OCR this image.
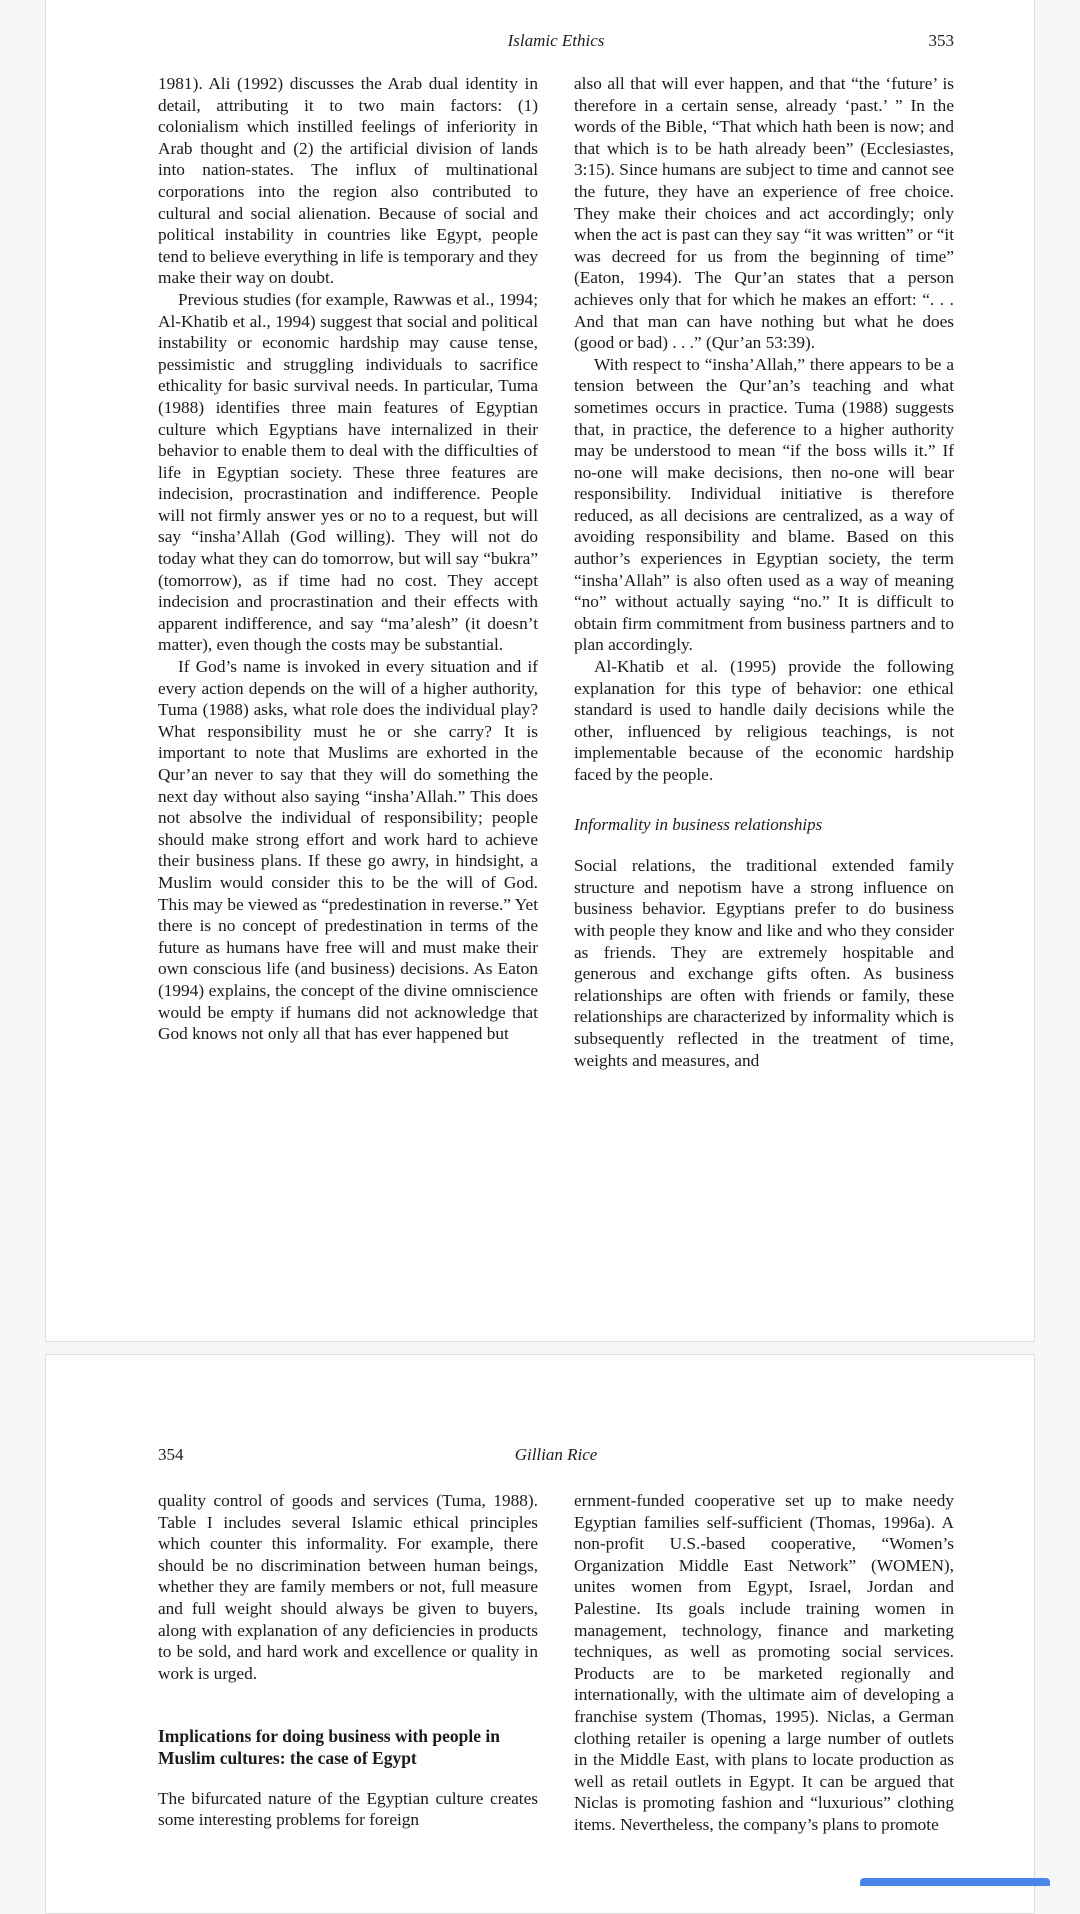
Islamic Ethics	353

1981). Ali (1992) discusses the Arab dual identity in detail, attributing it to two main factors: (1) colonialism which instilled feelings of inferiority in Arab thought and (2) the artificial division of lands into nation-states. The influx of multinational corporations into the region also contributed to cultural and social alienation. Because of social and political instability in countries like Egypt, people tend to believe everything in life is temporary and they make their way on doubt.

Previous studies (for example, Rawwas et al., 1994; Al-Khatib et al., 1994) suggest that social and political instability or economic hardship may cause tense, pessimistic and struggling individuals to sacrifice ethicality for basic survival needs. In particular, Tuma (1988) identifies three main features of Egyptian culture which Egyptians have internalized in their behavior to enable them to deal with the difficulties of life in Egyptian society. These three features are indecision, procrastination and indifference. People will not firmly answer yes or no to a request, but will say “insha’Allah (God willing). They will not do today what they can do tomorrow, but will say “bukra” (tomorrow), as if time had no cost. They accept indecision and procrastination and their effects with apparent indifference, and say “ma’alesh” (it doesn’t matter), even though the costs may be substantial.

If God’s name is invoked in every situation and if every action depends on the will of a higher authority, Tuma (1988) asks, what role does the individual play? What responsibility must he or she carry? It is important to note that Muslims are exhorted in the Qur’an never to say that they will do something the next day without also saying “insha’Allah.” This does not absolve the individual of responsibility; people should make strong effort and work hard to achieve their business plans. If these go awry, in hindsight, a Muslim would consider this to be the will of God. This may be viewed as “predestination in reverse.” Yet there is no concept of predestination in terms of the future as humans have free will and must make their own conscious life (and business) decisions. As Eaton (1994) explains, the concept of the divine omniscience would be empty if humans did not acknowledge that God knows not only all that has ever happened but

also all that will ever happen, and that “the ‘future’ is therefore in a certain sense, already ‘past.’ ” In the words of the Bible, “That which hath been is now; and that which is to be hath already been” (Ecclesiastes, 3:15). Since humans are subject to time and cannot see the future, they have an experience of free choice. They make their choices and act accordingly; only when the act is past can they say “it was written” or “it was decreed for us from the beginning of time” (Eaton, 1994). The Qur’an states that a person achieves only that for which he makes an effort: “. . . And that man can have nothing but what he does (good or bad) . . .” (Qur’an 53:39).

With respect to “insha’Allah,” there appears to be a tension between the Qur’an’s teaching and what sometimes occurs in practice. Tuma (1988) suggests that, in practice, the deference to a higher authority may be understood to mean “if the boss wills it.” If no-one will make decisions, then no-one will bear responsibility. Individual initiative is therefore reduced, as all decisions are centralized, as a way of avoiding responsibility and blame. Based on this author’s experiences in Egyptian society, the term “insha’Allah” is also often used as a way of meaning “no” without actually saying “no.” It is difficult to obtain firm commitment from business partners and to plan accordingly.

Al-Khatib et al. (1995) provide the following explanation for this type of behavior: one ethical standard is used to handle daily decisions while the other, influenced by religious teachings, is not implementable because of the economic hardship faced by the people.

Informality in business relationships

Social relations, the traditional extended family structure and nepotism have a strong influence on business behavior. Egyptians prefer to do business with people they know and like and who they consider as friends. They are extremely hospitable and generous and exchange gifts often. As business relationships are often with friends or family, these relationships are characterized by informality which is subsequently reflected in the treatment of time, weights and measures, and

354	Gillian Rice

quality control of goods and services (Tuma, 1988). Table I includes several Islamic ethical principles which counter this informality. For example, there should be no discrimination between human beings, whether they are family members or not, full measure and full weight should always be given to buyers, along with explanation of any deficiencies in products to be sold, and hard work and excellence or quality in work is urged.

Implications for doing business with people in Muslim cultures: the case of Egypt

The bifurcated nature of the Egyptian culture creates some interesting problems for foreign

ernment-funded cooperative set up to make needy Egyptian families self-sufficient (Thomas, 1996a). A non-profit U.S.-based cooperative, “Women’s Organization Middle East Network” (WOMEN), unites women from Egypt, Israel, Jordan and Palestine. Its goals include training women in management, technology, finance and marketing techniques, as well as promoting social services. Products are to be marketed regionally and internationally, with the ultimate aim of developing a franchise system (Thomas, 1995). Niclas, a German clothing retailer is opening a large number of outlets in the Middle East, with plans to locate production as well as retail outlets in Egypt. It can be argued that Niclas is promoting fashion and “luxurious” clothing items. Nevertheless, the company’s plans to promote
